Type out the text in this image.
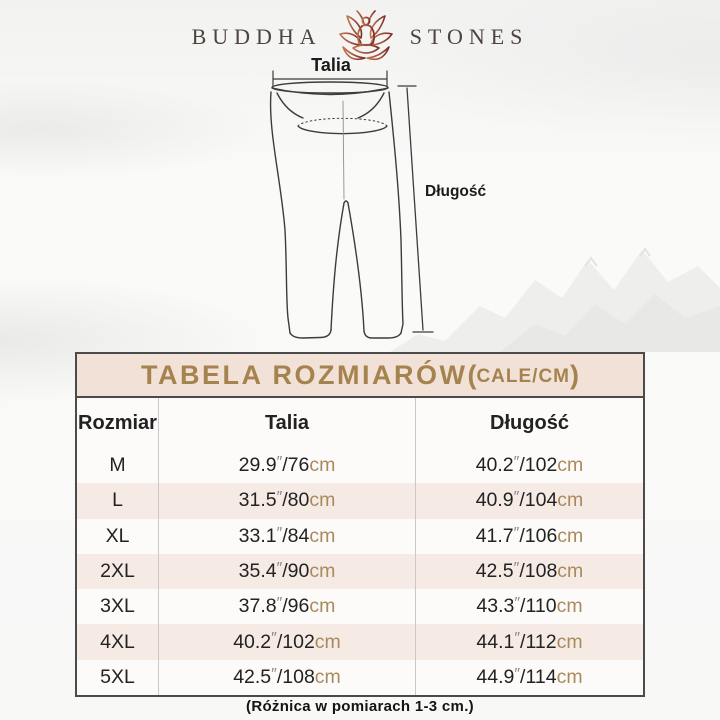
BUDDHA	STONES
Talia
Długość
TABELA ROZMIARÓW ( CALE/CM )
Rozmiar	Talia	Długość
M	29.9 ″ / 76 cm	40.2 ″ / 102 cm
L	31.5 ″ / 80 cm	40.9 ″ / 104 cm
XL	33.1 ″ / 84 cm	41.7 ″ / 106 cm
2XL	35.4 ″ / 90 cm	42.5 ″ / 108 cm
3XL	37.8 ″ / 96 cm	43.3 ″ / 110 cm
4XL	40.2 ″ / 102 cm	44.1 ″ / 112 cm
5XL	42.5 ″ / 108 cm	44.9 ″ / 114 cm
(Różnica w pomiarach 1-3 cm.)
